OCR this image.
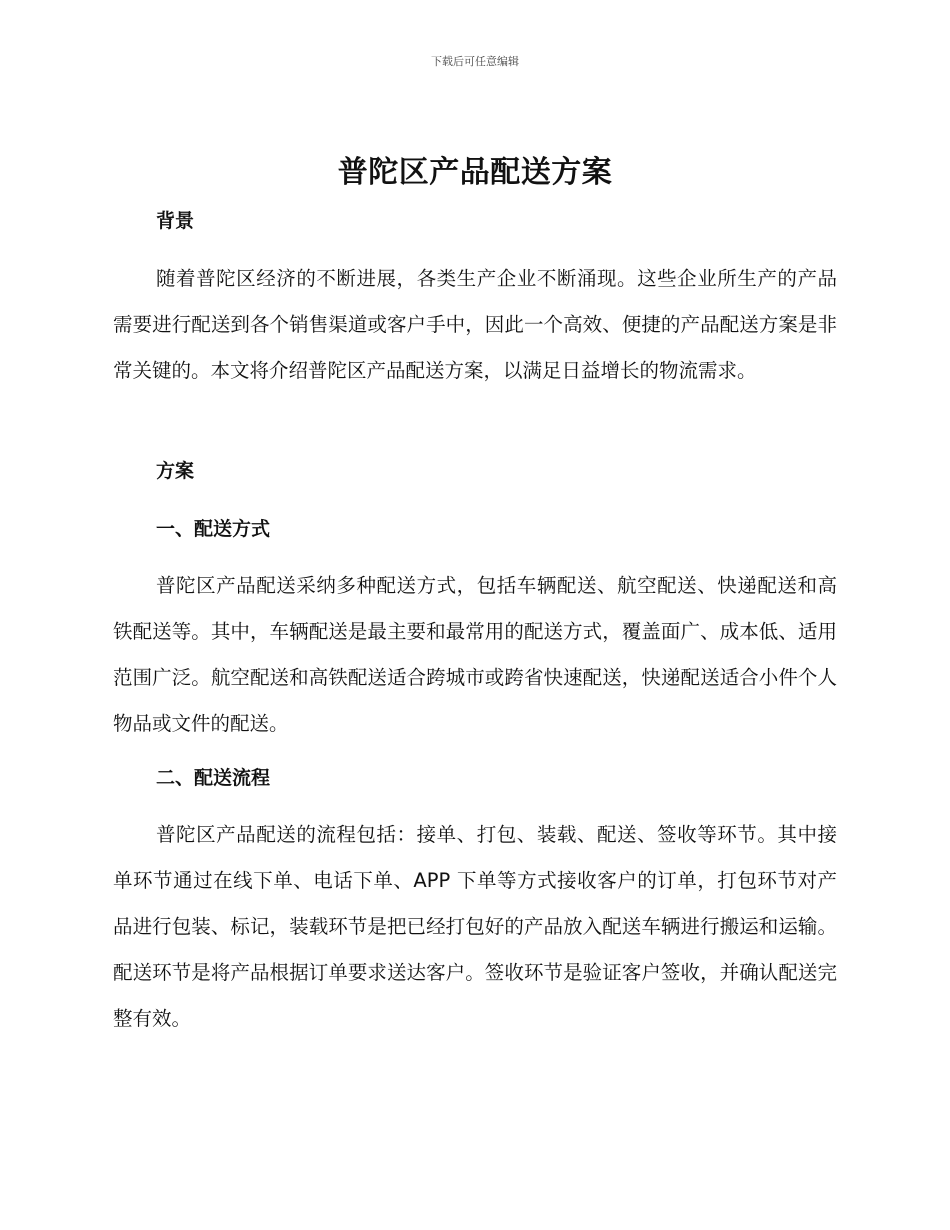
下载后可任意编辑
普陀区产品配送方案
背景

随着普陀区经济的不断进展，各类生产企业不断涌现。这些企业所生产的产品需要进行配送到各个销售渠道或客户手中，因此一个高效、便捷的产品配送方案是非常关键的。本文将介绍普陀区产品配送方案，以满足日益增长的物流需求。

方案
一、配送方式

普陀区产品配送采纳多种配送方式，包括车辆配送、航空配送、快递配送和高铁配送等。其中，车辆配送是最主要和最常用的配送方式，覆盖面广、成本低、适用范围广泛。航空配送和高铁配送适合跨城市或跨省快速配送，快递配送适合小件个人物品或文件的配送。

二、配送流程

普陀区产品配送的流程包括：接单、打包、装载、配送、签收等环节。其中接单环节通过在线下单、电话下单、APP 下单等方式接收客户的订单，打包环节对产品进行包装、标记，装载环节是把已经打包好的产品放入配送车辆进行搬运和运输。配送环节是将产品根据订单要求送达客户。签收环节是验证客户签收，并确认配送完整有效。
